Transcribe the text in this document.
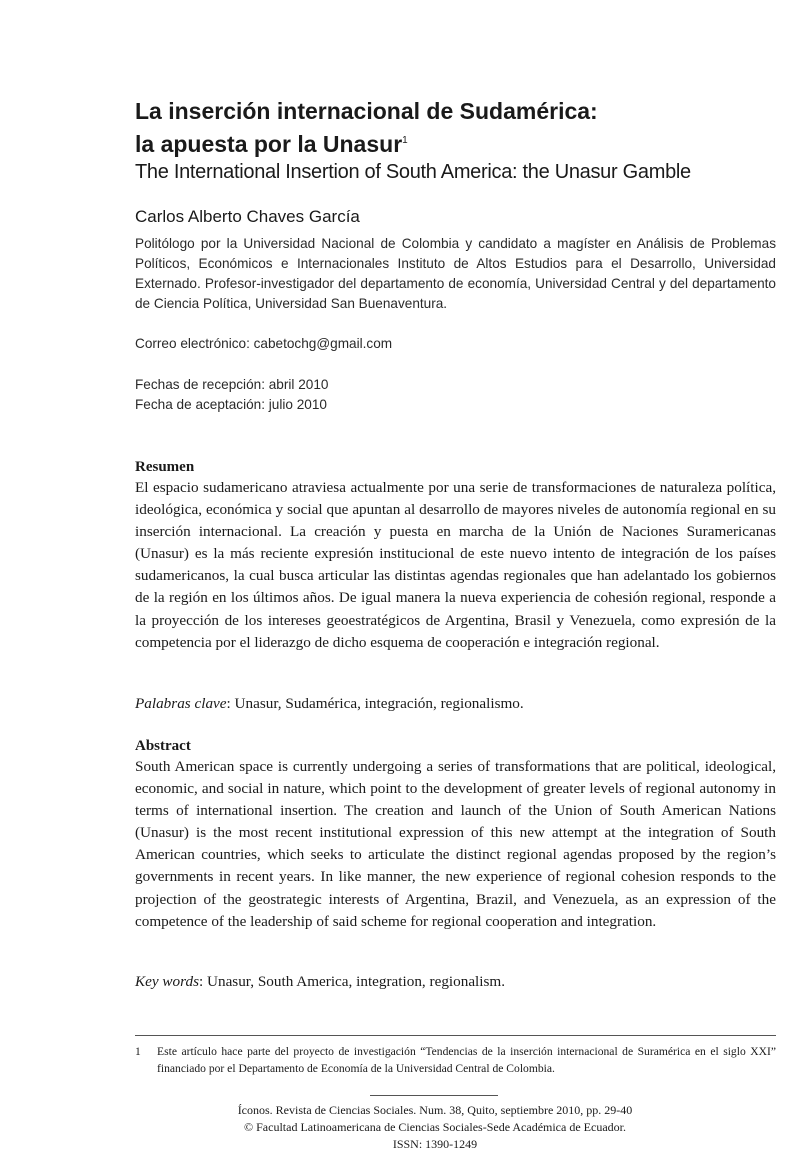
La inserción internacional de Sudamérica:
la apuesta por la Unasur$^1$
The International Insertion of South America: the Unasur Gamble
Carlos Alberto Chaves García
Politólogo por la Universidad Nacional de Colombia y candidato a magíster en Análisis de Problemas Políticos, Económicos e Internacionales Instituto de Altos Estudios para el Desarrollo, Universidad Externado. Profesor-investigador del departamento de economía, Universidad Central y del departamento de Ciencia Política, Universidad San Buenaventura.
Correo electrónico: cabetochg@gmail.com
Fechas de recepción: abril 2010
Fecha de aceptación: julio 2010
Resumen
El espacio sudamericano atraviesa actualmente por una serie de transformaciones de naturaleza política, ideológica, económica y social que apuntan al desarrollo de mayores niveles de autonomía regional en su inserción internacional. La creación y puesta en marcha de la Unión de Naciones Suramericanas (Unasur) es la más reciente expresión institucional de este nuevo intento de integración de los países sudamericanos, la cual busca articular las distintas agendas regionales que han adelantado los gobiernos de la región en los últimos años. De igual manera la nueva experiencia de cohesión regional, responde a la proyección de los intereses geoestratégicos de Argentina, Brasil y Venezuela, como expresión de la competencia por el liderazgo de dicho esquema de cooperación e integración regional.
Palabras clave: Unasur, Sudamérica, integración, regionalismo.
Abstract
South American space is currently undergoing a series of transformations that are political, ideological, economic, and social in nature, which point to the development of greater levels of regional autonomy in terms of international insertion. The creation and launch of the Union of South American Nations (Unasur) is the most recent institutional expression of this new attempt at the integration of South American countries, which seeks to articulate the distinct regional agendas proposed by the region’s governments in recent years. In like manner, the new experience of regional cohesion responds to the projection of the geostrategic interests of Argentina, Brazil, and Venezuela, as an expression of the competence of the leadership of said scheme for regional cooperation and integration.
Key words: Unasur, South America, integration, regionalism.
1 Este artículo hace parte del proyecto de investigación “Tendencias de la inserción internacional de Suramérica en el siglo XXI” financiado por el Departamento de Economía de la Universidad Central de Colombia.
Íconos. Revista de Ciencias Sociales. Num. 38, Quito, septiembre 2010, pp. 29-40
© Facultad Latinoamericana de Ciencias Sociales-Sede Académica de Ecuador.
ISSN: 1390-1249
